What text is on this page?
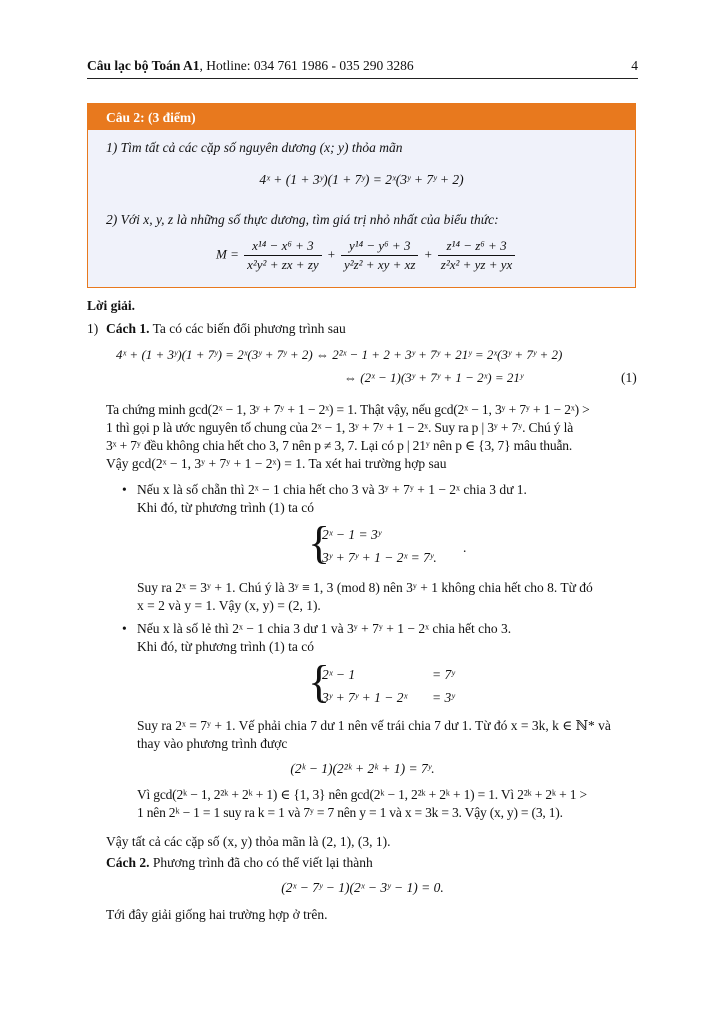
Câu lạc bộ Toán A1, Hotline: 034 761 1986 - 035 290 3286	4
Câu 2: (3 điểm)
1) Tìm tất cả các cặp số nguyên dương (x; y) thỏa mãn
4ˣ + (1 + 3ʸ)(1 + 7ʸ) = 2ˣ(3ʸ + 7ʸ + 2)
2) Với x, y, z là những số thực dương, tìm giá trị nhỏ nhất của biểu thức:
$M = \frac{\text{x¹⁴ − x⁶ + 3}}{\text{x²y² + zx + zy}} + \frac{\text{y¹⁴ − y⁶ + 3}}{\text{y²z² + xy + xz}} + \frac{\text{z¹⁴ − z⁶ + 3}}{\text{z²x² + yz + yx}}$
Lời giải.
1) Cách 1. Ta có các biến đổi phương trình sau
4ˣ + (1 + 3ʸ)(1 + 7ʸ) = 2ˣ(3ʸ + 7ʸ + 2) ⇔ 2²ˣ − 1 + 2 + 3ʸ + 7ʸ + 21ʸ = 2ˣ(3ʸ + 7ʸ + 2)
⇔ (2ˣ − 1)(3ʸ + 7ʸ + 1 − 2ˣ) = 21ʸ	(1)
Ta chứng minh gcd(2ˣ − 1, 3ʸ + 7ʸ + 1 − 2ˣ) = 1. Thật vậy, nếu gcd(2ˣ − 1, 3ʸ + 7ʸ + 1 − 2ˣ) >
1 thì gọi p là ước nguyên tố chung của 2ˣ − 1, 3ʸ + 7ʸ + 1 − 2ˣ. Suy ra p | 3ʸ + 7ʸ. Chú ý là
3ˣ + 7ʸ đều không chia hết cho 3, 7 nên p ≠ 3, 7. Lại có p | 21ʸ nên p ∈ {3, 7} mâu thuẫn.
Vậy gcd(2ˣ − 1, 3ʸ + 7ʸ + 1 − 2ˣ) = 1. Ta xét hai trường hợp sau
• Nếu x là số chẵn thì 2ˣ − 1 chia hết cho 3 và 3ʸ + 7ʸ + 1 − 2ˣ chia 3 dư 1.
Khi đó, từ phương trình (1) ta có
{
2ˣ − 1 = 3ʸ
3ʸ + 7ʸ + 1 − 2ˣ = 7ʸ.
.
Suy ra 2ˣ = 3ʸ + 1. Chú ý là 3ʸ ≡ 1, 3 (mod 8) nên 3ʸ + 1 không chia hết cho 8. Từ đó
x = 2 và y = 1. Vậy (x, y) = (2, 1).
• Nếu x là số lẻ thì 2ˣ − 1 chia 3 dư 1 và 3ʸ + 7ʸ + 1 − 2ˣ chia hết cho 3.
Khi đó, từ phương trình (1) ta có
{
2ˣ − 1	= 7ʸ
3ʸ + 7ʸ + 1 − 2ˣ = 3ʸ
Suy ra 2ˣ = 7ʸ + 1. Vế phải chia 7 dư 1 nên vế trái chia 7 dư 1. Từ đó x = 3k, k ∈ ℕ* và
thay vào phương trình được
(2ᵏ − 1)(2²ᵏ + 2ᵏ + 1) = 7ʸ.
Vì gcd(2ᵏ − 1, 2²ᵏ + 2ᵏ + 1) ∈ {1, 3} nên gcd(2ᵏ − 1, 2²ᵏ + 2ᵏ + 1) = 1. Vì 2²ᵏ + 2ᵏ + 1 >
1 nên 2ᵏ − 1 = 1 suy ra k = 1 và 7ʸ = 7 nên y = 1 và x = 3k = 3. Vậy (x, y) = (3, 1).
Vậy tất cả các cặp số (x, y) thỏa mãn là (2, 1), (3, 1).
Cách 2. Phương trình đã cho có thể viết lại thành
(2ˣ − 7ʸ − 1)(2ˣ − 3ʸ − 1) = 0.
Tới đây giải giống hai trường hợp ở trên.
